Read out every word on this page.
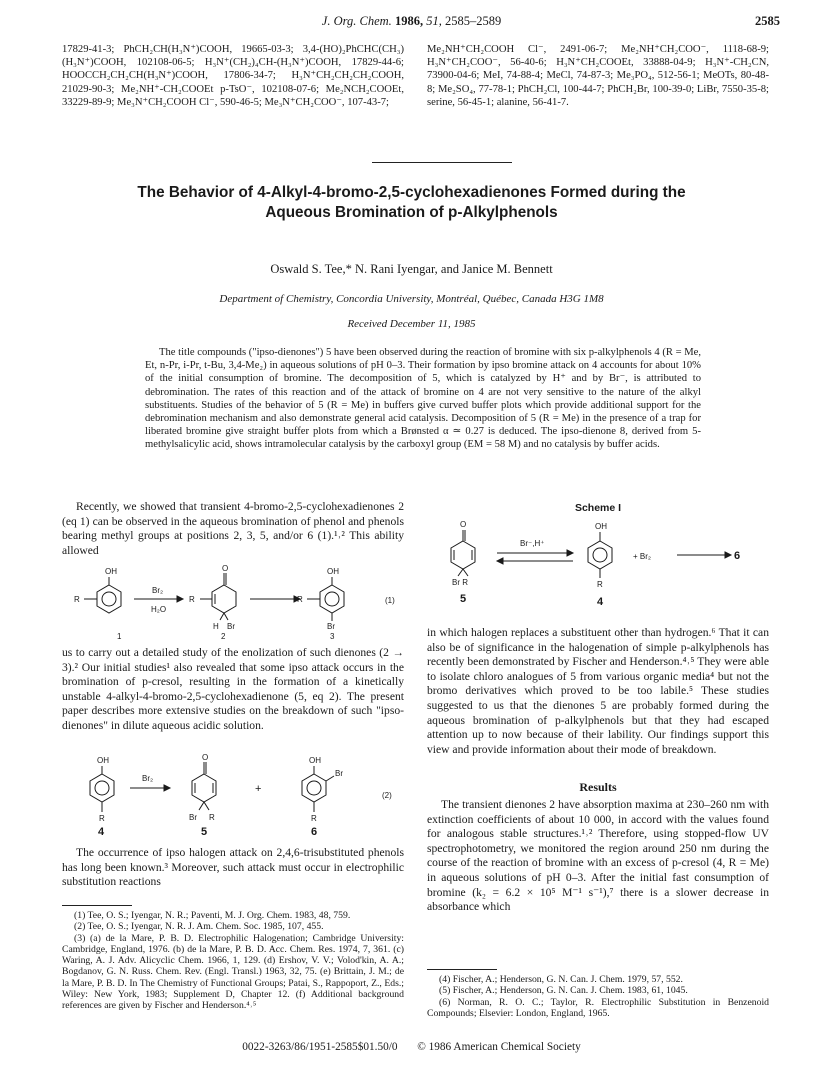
J. Org. Chem. 1986, 51, 2585–2589	2585
17829-41-3; PhCH₂CH(H₃N⁺)COOH, 19665-03-3; 3,4-(HO)₂PhCHC(CH₃)(H₃N⁺)COOH, 102108-06-5; H₃N⁺(CH₂)₄CH-(H₃N⁺)COOH, 17829-44-6; HOOCCH₂CH₂CH(H₃N⁺)COOH, 17806-34-7; H₃N⁺CH₂CH₂CH₂COOH, 21029-90-3; Me₂NH⁺-CH₂COOEt p-TsO⁻, 102108-07-6; Me₂NCH₂COOEt, 33229-89-9; Me₃N⁺CH₂COOH Cl⁻, 590-46-5; Me₃N⁺CH₂COO⁻, 107-43-7;
Me₂NH⁺CH₂COOH Cl⁻, 2491-06-7; Me₂NH⁺CH₂COO⁻, 1118-68-9; H₃N⁺CH₂COO⁻, 56-40-6; H₃N⁺CH₂COOEt, 33888-04-9; H₃N⁺-CH₂CN, 73900-04-6; MeI, 74-88-4; MeCl, 74-87-3; Me₃PO₄, 512-56-1; MeOTs, 80-48-8; Me₂SO₄, 77-78-1; PhCH₂Cl, 100-44-7; PhCH₂Br, 100-39-0; LiBr, 7550-35-8; serine, 56-45-1; alanine, 56-41-7.
The Behavior of 4-Alkyl-4-bromo-2,5-cyclohexadienones Formed during the
Aqueous Bromination of p-Alkylphenols
Oswald S. Tee,* N. Rani Iyengar, and Janice M. Bennett
Department of Chemistry, Concordia University, Montréal, Québec, Canada H3G 1M8
Received December 11, 1985
The title compounds ("ipso-dienones") 5 have been observed during the reaction of bromine with six p-alkylphenols 4 (R = Me, Et, n-Pr, i-Pr, t-Bu, 3,4-Me₂) in aqueous solutions of pH 0–3. Their formation by ipso bromine attack on 4 accounts for about 10% of the initial consumption of bromine. The decomposition of 5, which is catalyzed by H⁺ and by Br⁻, is attributed to debromination. The rates of this reaction and of the attack of bromine on 4 are not very sensitive to the nature of the alkyl substituents. Studies of the behavior of 5 (R = Me) in buffers give curved buffer plots which provide additional support for the debromination mechanism and also demonstrate general acid catalysis. Decomposition of 5 (R = Me) in the presence of a trap for liberated bromine give straight buffer plots from which a Brønsted α ≃ 0.27 is deduced. The ipso-dienone 8, derived from 5-methylsalicylic acid, shows intramolecular catalysis by the carboxyl group (EM = 58 M) and no catalysis by buffer acids.

Recently, we showed that transient 4-bromo-2,5-cyclohexadienones 2 (eq 1) can be observed in the aqueous bromination of phenol and phenols bearing methyl groups at positions 2, 3, 5, and/or 6 (1).¹˒² This ability allowed

OH
R
Br₂
H₂O
O
R
H Br
OH
R
Br
(1)
1	2	3

us to carry out a detailed study of the enolization of such dienones (2 → 3).² Our initial studies¹ also revealed that some ipso attack occurs in the bromination of p-cresol, resulting in the formation of a kinetically unstable 4-alkyl-4-bromo-2,5-cyclohexadienone (5, eq 2). The present paper describes more extensive studies on the breakdown of such "ipso-dienones" in dilute aqueous acidic solution.

OH
R
Br₂
O
Br R
+
OH
Br
R
(2)
4	5	6

The occurrence of ipso halogen attack on 2,4,6-trisubstituted phenols has long been known.³ Moreover, such attack must occur in electrophilic substitution reactions

(1) Tee, O. S.; Iyengar, N. R.; Paventi, M. J. Org. Chem. 1983, 48, 759.

(2) Tee, O. S.; Iyengar, N. R. J. Am. Chem. Soc. 1985, 107, 455.

(3) (a) de la Mare, P. B. D. Electrophilic Halogenation; Cambridge University: Cambridge, England, 1976. (b) de la Mare, P. B. D. Acc. Chem. Res. 1974, 7, 361. (c) Waring, A. J. Adv. Alicyclic Chem. 1966, 1, 129. (d) Ershov, V. V.; Volod'kin, A. A.; Bogdanov, G. N. Russ. Chem. Rev. (Engl. Transl.) 1963, 32, 75. (e) Brittain, J. M.; de la Mare, P. B. D. In The Chemistry of Functional Groups; Patai, S., Rappoport, Z., Eds.; Wiley: New York, 1983; Supplement D, Chapter 12. (f) Additional background references are given by Fischer and Henderson.⁴˒⁵

Scheme I
O
Br R
Br⁻,H⁺
OH
R
+ Br₂	6
5	4

in which halogen replaces a substituent other than hydrogen.⁶ That it can also be of significance in the halogenation of simple p-alkylphenols has recently been demonstrated by Fischer and Henderson.⁴˒⁵ They were able to isolate chloro analogues of 5 from various organic media⁴ but not the bromo derivatives which proved to be too labile.⁵ These studies suggested to us that the dienones 5 are probably formed during the aqueous bromination of p-alkylphenols but that they had escaped attention up to now because of their lability. Our findings support this view and provide information about their mode of breakdown.

Results

The transient dienones 2 have absorption maxima at 230–260 nm with extinction coefficients of about 10 000, in accord with the values found for analogous stable structures.¹˒² Therefore, using stopped-flow UV spectrophotometry, we monitored the region around 250 nm during the course of the reaction of bromine with an excess of p-cresol (4, R = Me) in aqueous solutions of pH 0–3. After the initial fast consumption of bromine (k₂ = 6.2 × 10⁵ M⁻¹ s⁻¹),⁷ there is a slower decrease in absorbance which

(4) Fischer, A.; Henderson, G. N. Can. J. Chem. 1979, 57, 552.

(5) Fischer, A.; Henderson, G. N. Can. J. Chem. 1983, 61, 1045.

(6) Norman, R. O. C.; Taylor, R. Electrophilic Substitution in Benzenoid Compounds; Elsevier: London, England, 1965.

0022-3263/86/1951-2585$01.50/0 © 1986 American Chemical Society
